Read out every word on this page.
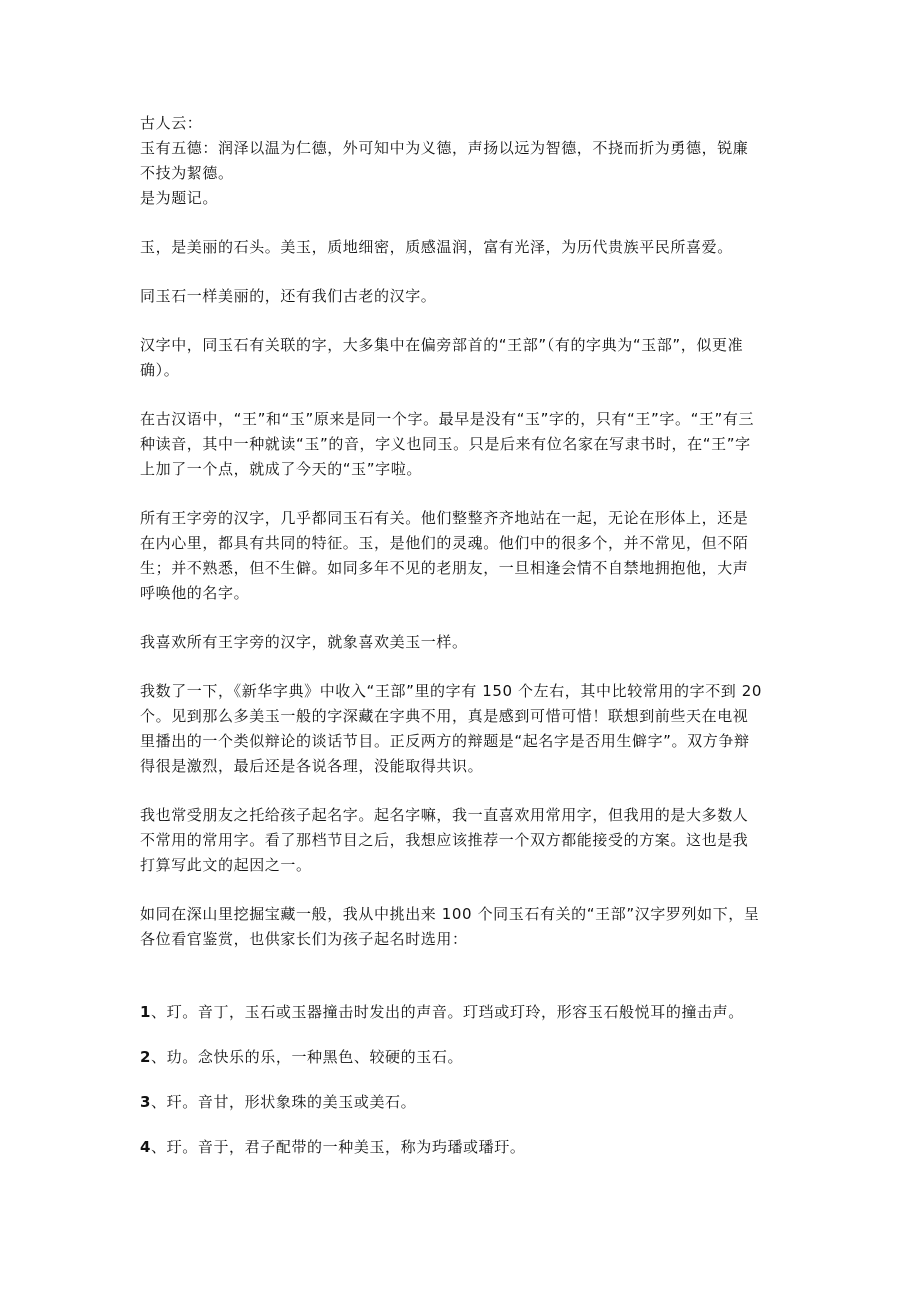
古人云：
玉有五德：润泽以温为仁德，外可知中为义德，声扬以远为智德，不挠而折为勇德，锐廉
不技为絜德。
是为题记。
玉，是美丽的石头。美玉，质地细密，质感温润，富有光泽，为历代贵族平民所喜爱。
同玉石一样美丽的，还有我们古老的汉字。
汉字中，同玉石有关联的字，大多集中在偏旁部首的“王部”（有的字典为“玉部”，似更准
确）。
在古汉语中，“王”和“玉”原来是同一个字。最早是没有“玉”字的，只有“王”字。“王”有三
种读音，其中一种就读“玉”的音，字义也同玉。只是后来有位名家在写隶书时，在“王”字
上加了一个点，就成了今天的“玉”字啦。
所有王字旁的汉字，几乎都同玉石有关。他们整整齐齐地站在一起，无论在形体上，还是
在内心里，都具有共同的特征。玉，是他们的灵魂。他们中的很多个，并不常见，但不陌
生；并不熟悉，但不生僻。如同多年不见的老朋友，一旦相逢会情不自禁地拥抱他，大声
呼唤他的名字。
我喜欢所有王字旁的汉字，就象喜欢美玉一样。
我数了一下，《新华字典》中收入“王部”里的字有 150 个左右，其中比较常用的字不到 20
个。见到那么多美玉一般的字深藏在字典不用，真是感到可惜可惜！联想到前些天在电视
里播出的一个类似辩论的谈话节目。正反两方的辩题是“起名字是否用生僻字”。双方争辩
得很是激烈，最后还是各说各理，没能取得共识。
我也常受朋友之托给孩子起名字。起名字嘛，我一直喜欢用常用字，但我用的是大多数人
不常用的常用字。看了那档节目之后，我想应该推荐一个双方都能接受的方案。这也是我
打算写此文的起因之一。
如同在深山里挖掘宝藏一般，我从中挑出来 100 个同玉石有关的“王部”汉字罗列如下，呈
各位看官鉴赏，也供家长们为孩子起名时选用：
1、玎。音丁，玉石或玉器撞击时发出的声音。玎珰或玎玲，形容玉石般悦耳的撞击声。
2、玏。念快乐的乐，一种黑色、较硬的玉石。
3、玕。音甘，形状象珠的美玉或美石。
4、玗。音于，君子配带的一种美玉，称为玙璠或璠玗。
